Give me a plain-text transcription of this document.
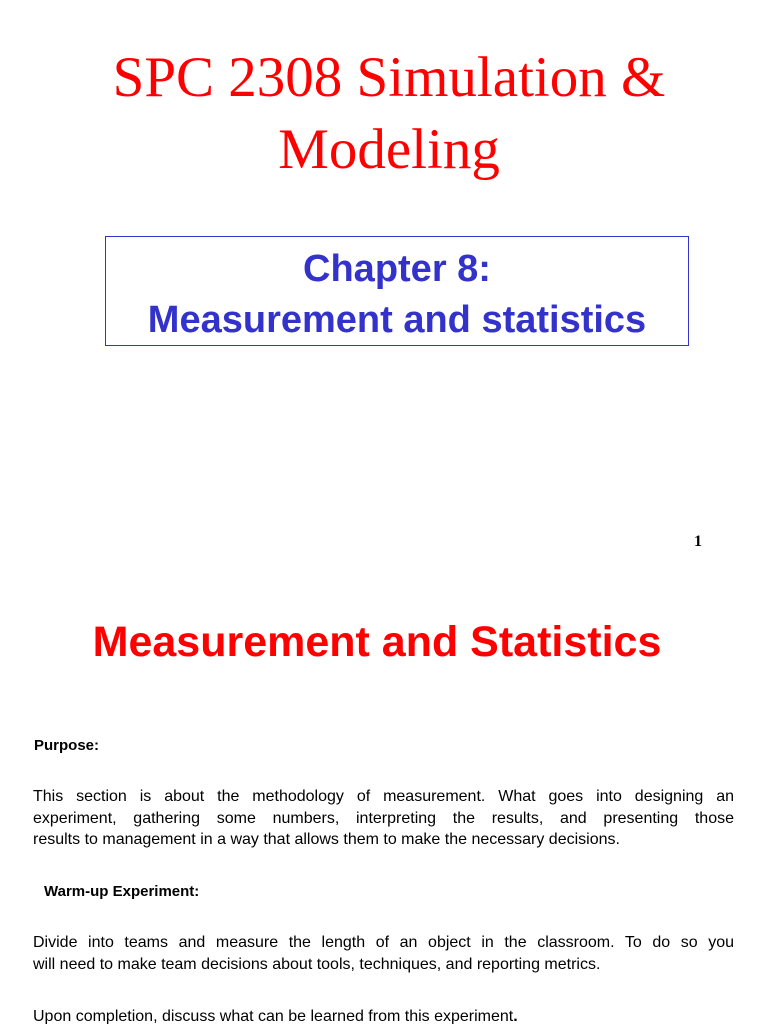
SPC 2308 Simulation &
Modeling
Chapter 8:
Measurement and statistics
1
Measurement and Statistics
Purpose:
This section is about the methodology of measurement. What goes into designing an
experiment, gathering some numbers, interpreting the results, and presenting those
results to management in a way that allows them to make the necessary decisions.
Warm-up Experiment:
Divide into teams and measure the length of an object in the classroom. To do so you
will need to make team decisions about tools, techniques, and reporting metrics.
Upon completion, discuss what can be learned from this experiment.
